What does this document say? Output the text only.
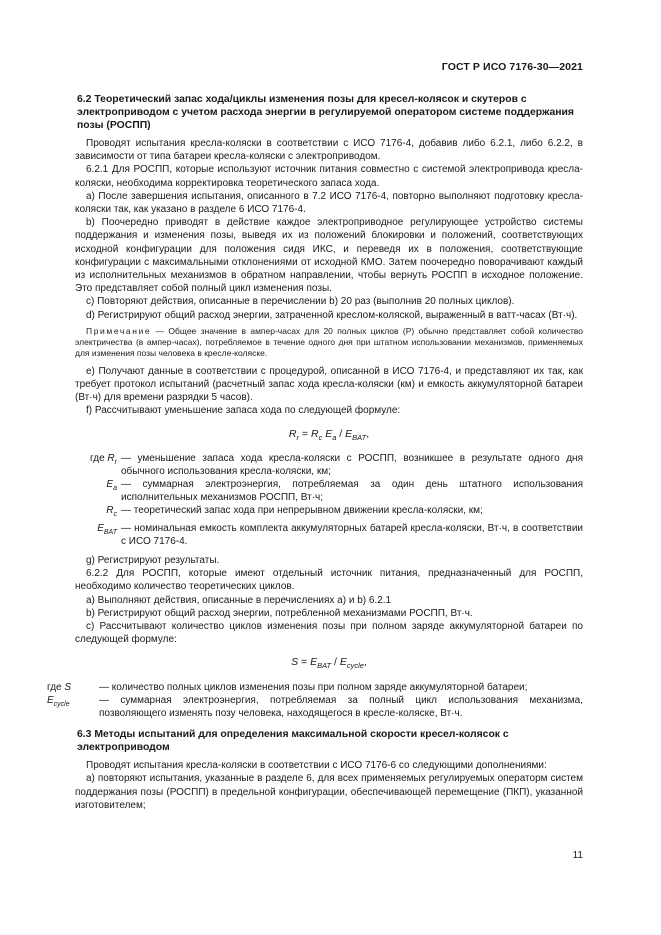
ГОСТ Р ИСО 7176-30—2021
6.2 Теоретический запас хода/циклы изменения позы для кресел-колясок и скутеров с электроприводом с учетом расхода энергии в регулируемой оператором системе поддержания позы (РОСПП)

Проводят испытания кресла-коляски в соответствии с ИСО 7176-4, добавив либо 6.2.1, либо 6.2.2, в зависимости от типа батареи кресла-коляски с электроприводом.

6.2.1 Для РОСПП, которые используют источник питания совместно с системой электропривода кресла-коляски, необходима корректировка теоретического запаса хода.

а) После завершения испытания, описанного в 7.2 ИСО 7176-4, повторно выполняют подготовку кресла-коляски так, как указано в разделе 6 ИСО 7176-4.

b) Поочередно приводят в действие каждое электроприводное регулирующее устройство системы поддержания и изменения позы, выведя их из положений блокировки и положений, соответствующих исходной конфигурации для положения сидя ИКС, и переведя их в положения, соответствующие конфигурации с максимальными отклонениями от исходной КМО. Затем поочередно поворачивают каждый из исполнительных механизмов в обратном направлении, чтобы вернуть РОСПП в исходное положение. Это представляет собой полный цикл изменения позы.

c) Повторяют действия, описанные в перечислении b) 20 раз (выполнив 20 полных циклов).

d) Регистрируют общий расход энергии, затраченной креслом-коляской, выраженный в ватт-часах (Вт·ч).

Примечание — Общее значение в ампер-часах для 20 полных циклов (P) обычно представляет собой количество электричества (в ампер-часах), потребляемое в течение одного дня при штатном использовании механизмов, применяемых для изменения позы человека в кресле-коляске.

e) Получают данные в соответствии с процедурой, описанной в ИСО 7176-4, и представляют их так, как требует протокол испытаний (расчетный запас хода кресла-коляски (км) и емкость аккумуляторной батареи (Вт·ч) для времени разрядки 5 часов).

f) Рассчитывают уменьшение запаса хода по следующей формуле:

$R_r = R_c$ $E_a / E_{BAT}$,
где $R_r$ — уменьшение запаса хода кресла-коляски с РОСПП, возникшее в результате одного дня обычного использования кресла-коляски, км;
$E_a$ — суммарная электроэнергия, потребляемая за один день штатного использования исполнительных механизмов РОСПП, Вт·ч;
$R_c$ — теоретический запас хода при непрерывном движении кресла-коляски, км;
$E_{BAT}$ — номинальная емкость комплекта аккумуляторных батарей кресла-коляски, Вт·ч, в соответствии с ИСО 7176-4.

g) Регистрируют результаты.

6.2.2 Для РОСПП, которые имеют отдельный источник питания, предназначенный для РОСПП, необходимо количество теоретических циклов.

а) Выполняют действия, описанные в перечислениях а) и b) 6.2.1

b) Регистрируют общий расход энергии, потребленной механизмами РОСПП, Вт·ч.

c) Рассчитывают количество циклов изменения позы при полном заряде аккумуляторной батареи по следующей формуле:

$S = E_{BAT} / E_{cycle}$,
где S	— количество полных циклов изменения позы при полном заряде аккумуляторной батареи;
$E_{cycle}$	— суммарная электроэнергия, потребляемая за полный цикл использования механизма, позволяющего изменять позу человека, находящегося в кресле-коляске, Вт·ч.
6.3 Методы испытаний для определения максимальной скорости кресел-колясок с электроприводом

Проводят испытания кресла-коляски в соответствии с ИСО 7176-6 со следующими дополнениями:

а) повторяют испытания, указанные в разделе 6, для всех применяемых регулируемых операторм систем поддержания позы (РОСПП) в предельной конфигурации, обеспечивающей перемещение (ПКП), указанной изготовителем;

11
